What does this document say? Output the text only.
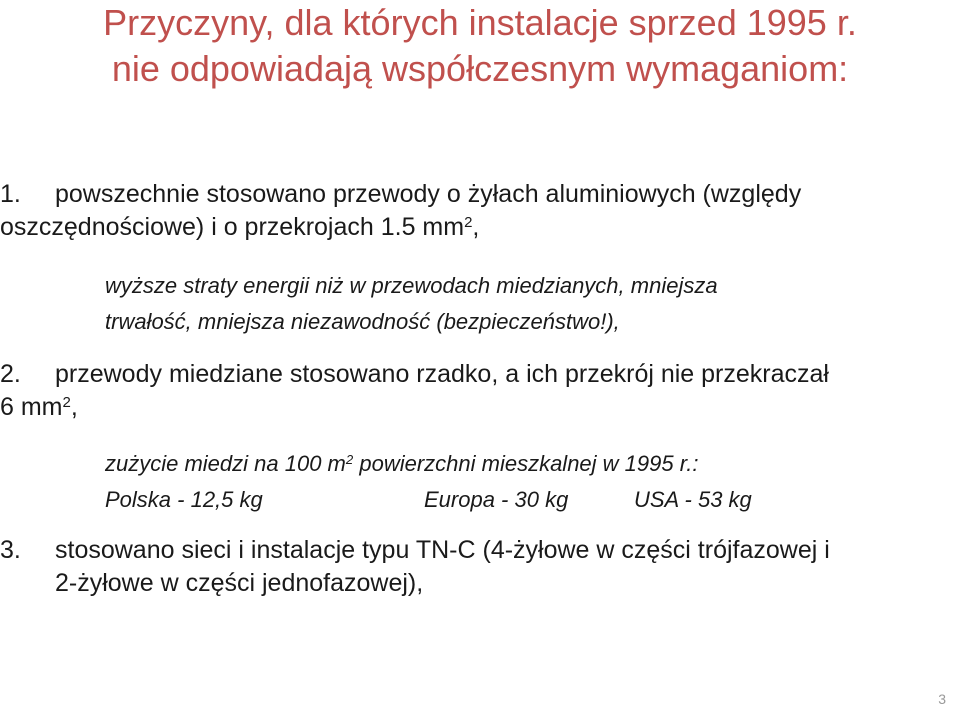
Przyczyny, dla których instalacje sprzed 1995 r.
nie odpowiadają współczesnym wymaganiom:
1. powszechnie stosowano przewody o żyłach aluminiowych (względy
oszczędnościowe) i o przekrojach 1.5 $mm^2$,
wyższe straty energii niż w przewodach miedzianych, mniejsza
trwałość, mniejsza niezawodność (bezpieczeństwo!),
2. przewody miedziane stosowano rzadko, a ich przekrój nie przekraczał
6 $mm^2$,
zużycie miedzi na 100 $m^2$ powierzchni mieszkalnej w 1995 r.:
Polska - 12,5 kg	Europa - 30 kg	USA - 53 kg
3. stosowano sieci i instalacje typu TN-C (4-żyłowe w części trójfazowej i
2-żyłowe w części jednofazowej),
3
